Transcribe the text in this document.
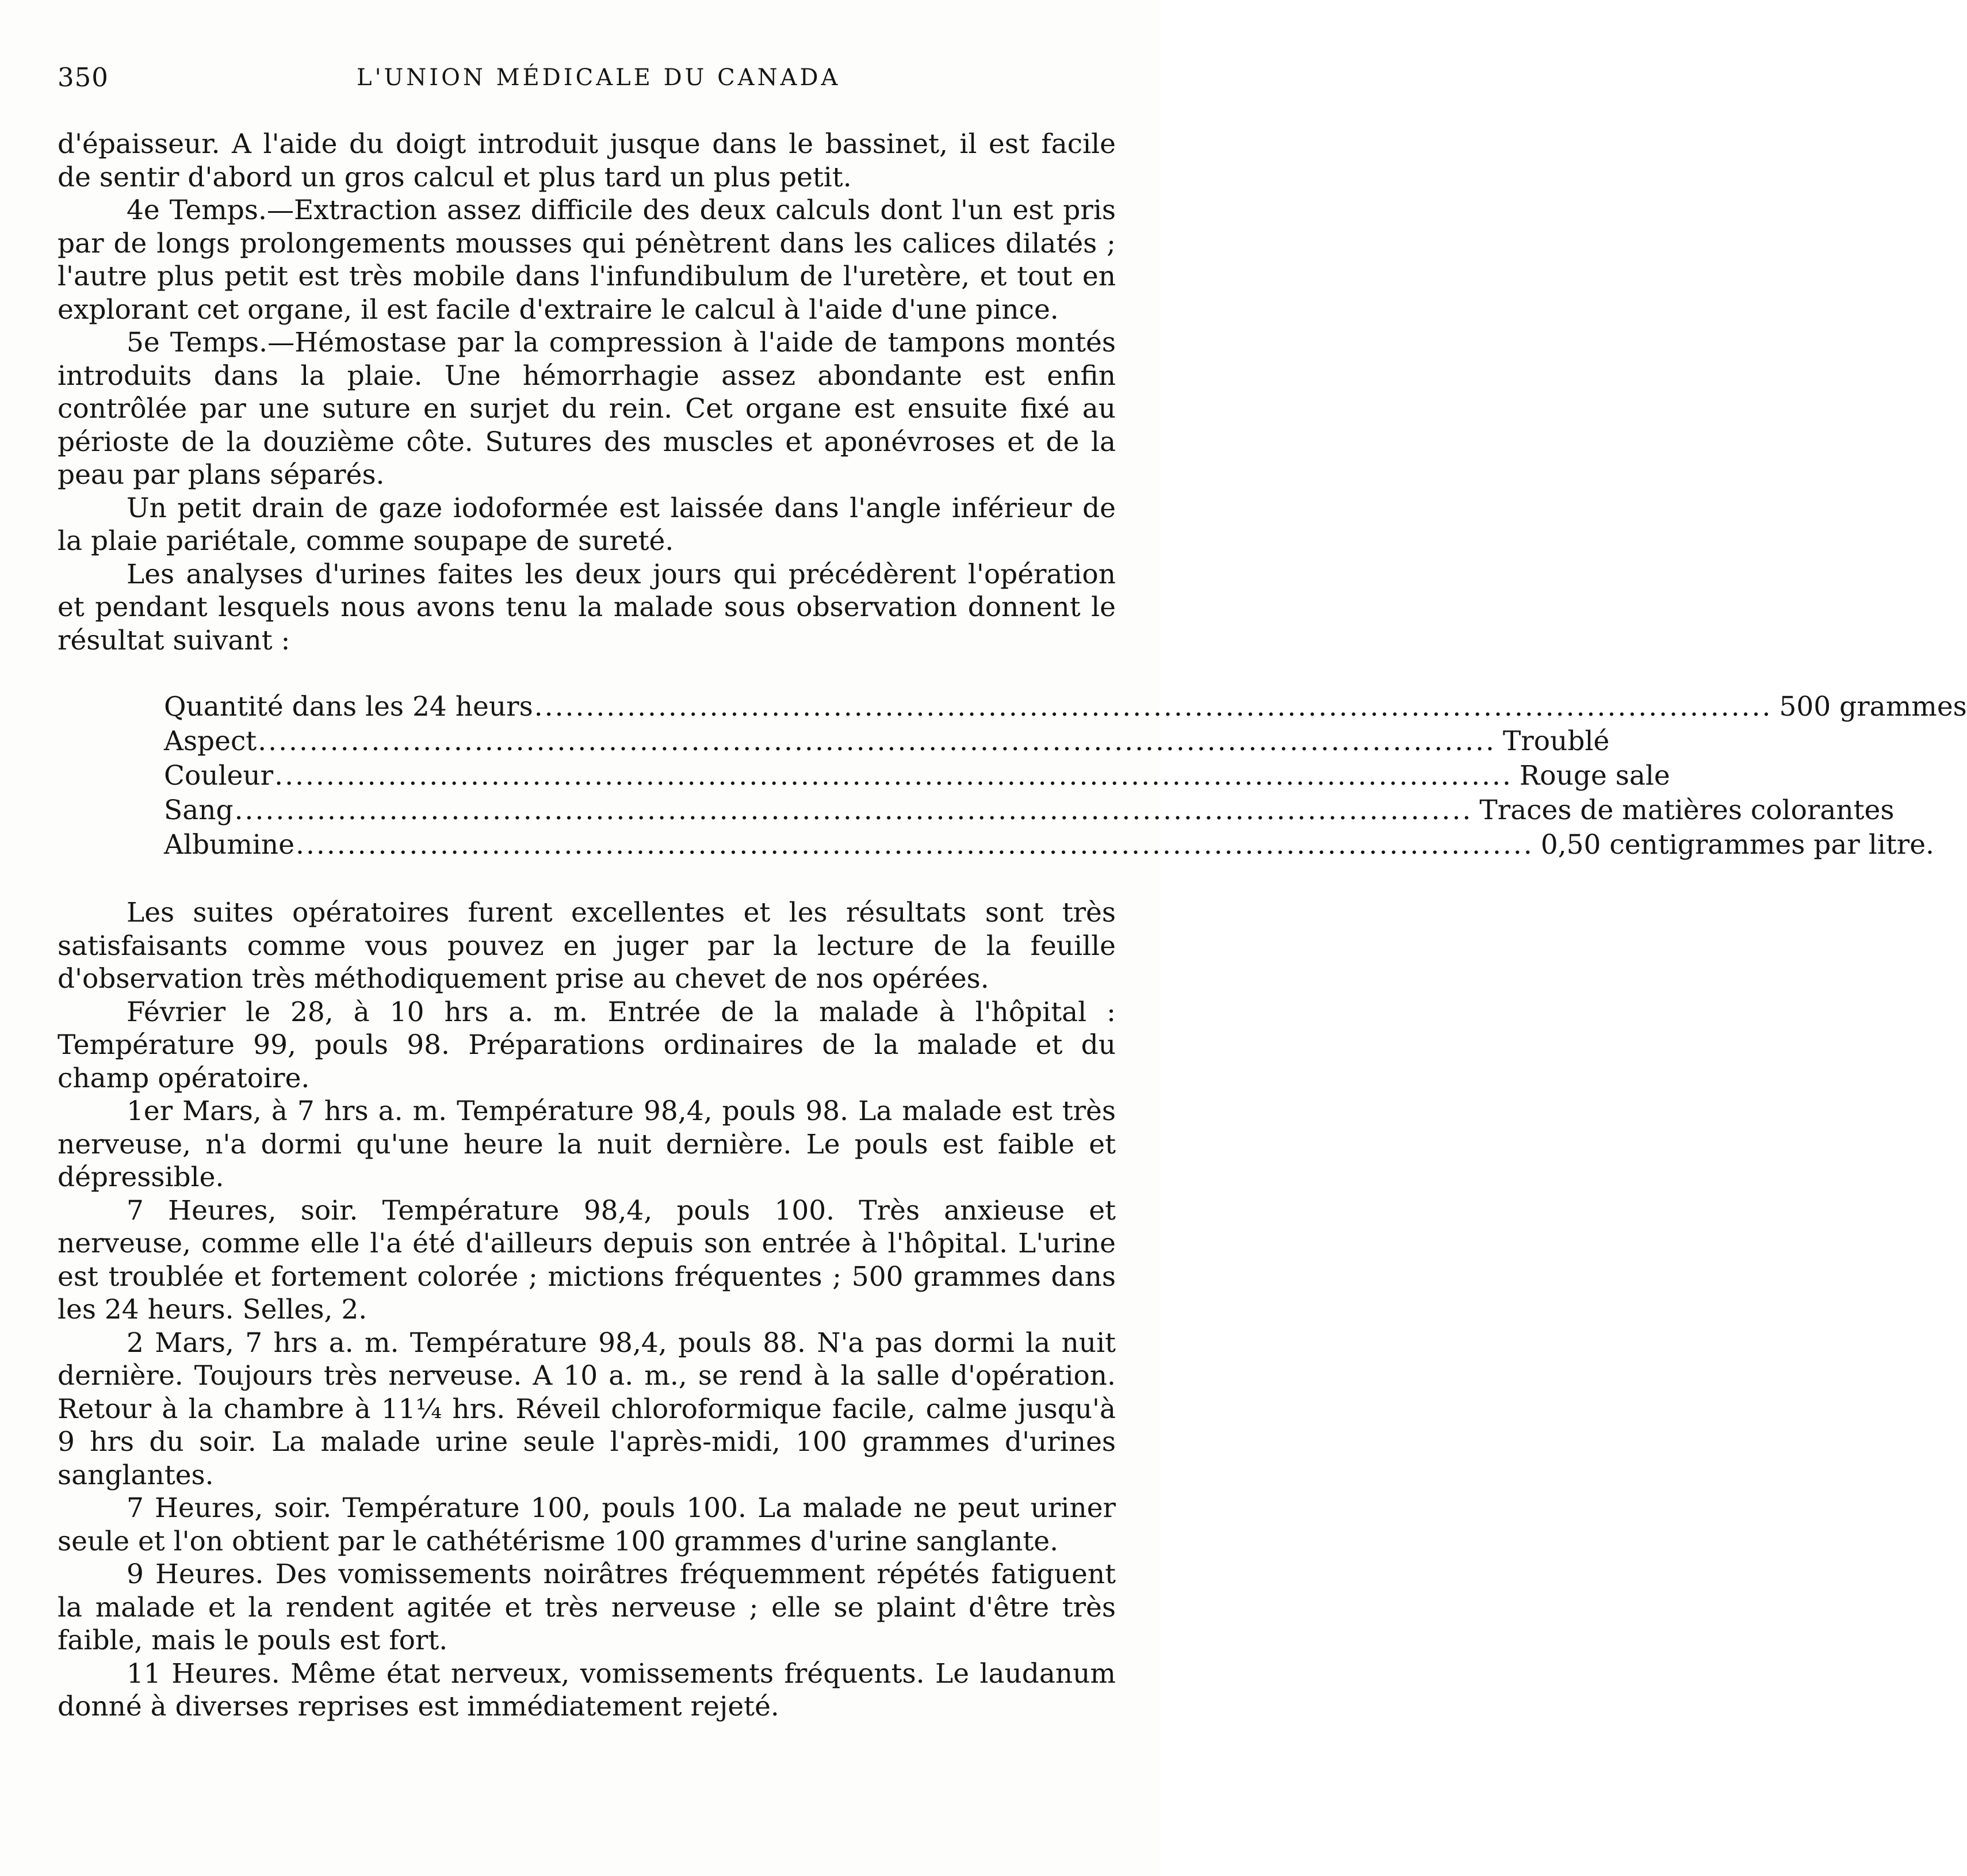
350	L'UNION MÉDICALE DU CANADA

d'épaisseur. A l'aide du doigt introduit jusque dans le bassinet, il est facile de sentir d'abord un gros calcul et plus tard un plus petit.

4e Temps.—Extraction assez difficile des deux calculs dont l'un est pris par de longs prolongements mousses qui pénètrent dans les calices dilatés ; l'autre plus petit est très mobile dans l'infundibulum de l'uretère, et tout en explorant cet organe, il est facile d'extraire le calcul à l'aide d'une pince.

5e Temps.—Hémostase par la compression à l'aide de tampons montés introduits dans la plaie. Une hémorrhagie assez abondante est enfin contrôlée par une suture en surjet du rein. Cet organe est ensuite fixé au périoste de la douzième côte. Sutures des muscles et aponévroses et de la peau par plans séparés.

Un petit drain de gaze iodoformée est laissée dans l'angle inférieur de la plaie pariétale, comme soupape de sureté.

Les analyses d'urines faites les deux jours qui précédèrent l'opération et pendant lesquels nous avons tenu la malade sous observation donnent le résultat suivant :

Quantité dans les 24 heurs ........................................................................................................................ 500 grammes
Aspect ........................................................................................................................ Troublé
Couleur ........................................................................................................................ Rouge sale
Sang ........................................................................................................................ Traces de matières colorantes
Albumine ........................................................................................................................ 0,50 centigrammes par litre.

Les suites opératoires furent excellentes et les résultats sont très satisfaisants comme vous pouvez en juger par la lecture de la feuille d'observation très méthodiquement prise au chevet de nos opérées.

Février le 28, à 10 hrs a. m. Entrée de la malade à l'hôpital : Température 99, pouls 98. Préparations ordinaires de la malade et du champ opératoire.

1er Mars, à 7 hrs a. m. Température 98,4, pouls 98. La malade est très nerveuse, n'a dormi qu'une heure la nuit dernière. Le pouls est faible et dépressible.

7 Heures, soir. Température 98,4, pouls 100. Très anxieuse et nerveuse, comme elle l'a été d'ailleurs depuis son entrée à l'hôpital. L'urine est troublée et fortement colorée ; mictions fréquentes ; 500 grammes dans les 24 heurs. Selles, 2.

2 Mars, 7 hrs a. m. Température 98,4, pouls 88. N'a pas dormi la nuit dernière. Toujours très nerveuse. A 10 a. m., se rend à la salle d'opération. Retour à la chambre à 11¼ hrs. Réveil chloroformique facile, calme jusqu'à 9 hrs du soir. La malade urine seule l'après-midi, 100 grammes d'urines sanglantes.

7 Heures, soir. Température 100, pouls 100. La malade ne peut uriner seule et l'on obtient par le cathétérisme 100 grammes d'urine sanglante.

9 Heures. Des vomissements noirâtres fréquemment répétés fatiguent la malade et la rendent agitée et très nerveuse ; elle se plaint d'être très faible, mais le pouls est fort.

11 Heures. Même état nerveux, vomissements fréquents. Le laudanum donné à diverses reprises est immédiatement rejeté.
